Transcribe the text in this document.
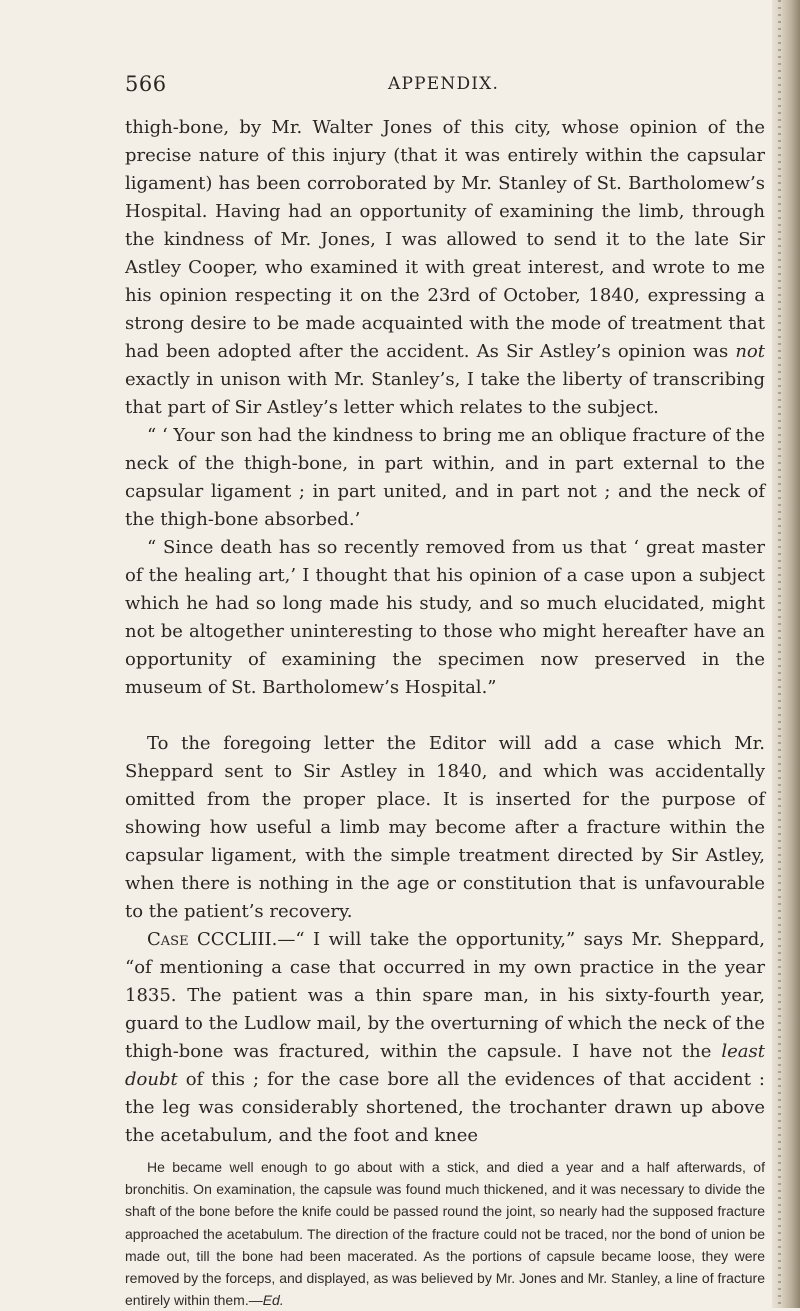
566	APPENDIX.

thigh-bone, by Mr. Walter Jones of this city, whose opinion of the precise nature of this injury (that it was entirely within the capsular ligament) has been corroborated by Mr. Stanley of St. Bartholomew’s Hospital. Having had an opportunity of examining the limb, through the kindness of Mr. Jones, I was allowed to send it to the late Sir Astley Cooper, who examined it with great interest, and wrote to me his opinion respecting it on the 23rd of October, 1840, expressing a strong desire to be made acquainted with the mode of treatment that had been adopted after the accident. As Sir Astley’s opinion was not exactly in unison with Mr. Stanley’s, I take the liberty of transcribing that part of Sir Astley’s letter which relates to the subject.

“ ‘ Your son had the kindness to bring me an oblique fracture of the neck of the thigh-bone, in part within, and in part external to the capsular ligament ; in part united, and in part not ; and the neck of the thigh-bone absorbed.’

“ Since death has so recently removed from us that ‘ great master of the healing art,’ I thought that his opinion of a case upon a subject which he had so long made his study, and so much elucidated, might not be altogether uninteresting to those who might hereafter have an opportunity of examining the specimen now preserved in the museum of St. Bartholomew’s Hospital.”

To the foregoing letter the Editor will add a case which Mr. Sheppard sent to Sir Astley in 1840, and which was accidentally omitted from the proper place. It is inserted for the purpose of showing how useful a limb may become after a fracture within the capsular ligament, with the simple treatment directed by Sir Astley, when there is nothing in the age or constitution that is unfavourable to the patient’s recovery.

Case CCCLIII.—“ I will take the opportunity,” says Mr. Sheppard, “of mentioning a case that occurred in my own practice in the year 1835. The patient was a thin spare man, in his sixty-fourth year, guard to the Ludlow mail, by the overturning of which the neck of the thigh-bone was fractured, within the capsule. I have not the least doubt of this ; for the case bore all the evidences of that accident : the leg was considerably shortened, the trochanter drawn up above the acetabulum, and the foot and knee

He became well enough to go about with a stick, and died a year and a half afterwards, of bronchitis. On examination, the capsule was found much thickened, and it was necessary to divide the shaft of the bone before the knife could be passed round the joint, so nearly had the supposed fracture approached the acetabulum. The direction of the fracture could not be traced, nor the bond of union be made out, till the bone had been macerated. As the portions of capsule became loose, they were removed by the forceps, and displayed, as was believed by Mr. Jones and Mr. Stanley, a line of fracture entirely within them.—Ed.
